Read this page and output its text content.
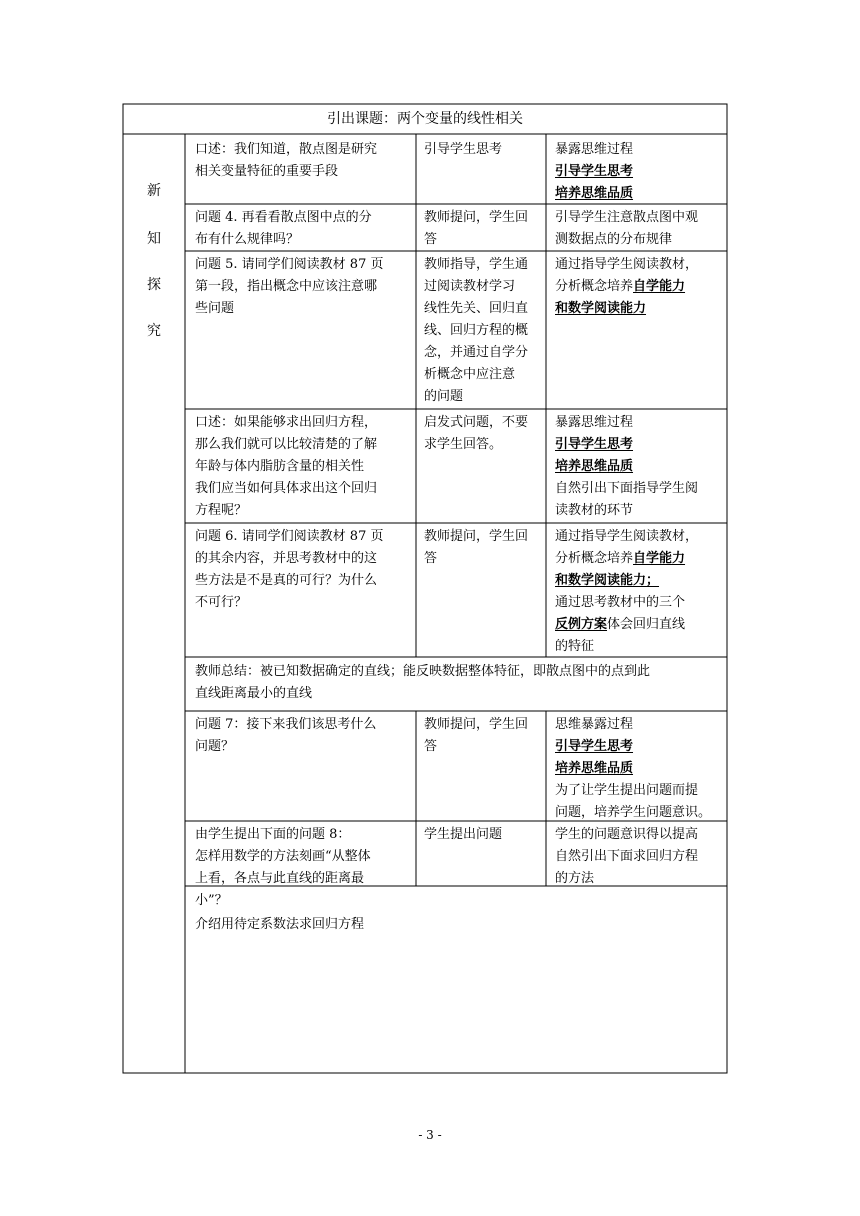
引出课题：两个变量的线性相关
新
知
探
究
口述：我们知道，散点图是研究
相关变量特征的重要手段
引导学生思考	暴露思维过程
引导学生思考
培养思维品质
问题 4. 再看看散点图中点的分
布有什么规律吗？
教师提问，学生回
答
引导学生注意散点图中观
测数据点的分布规律
问题 5. 请同学们阅读教材 87 页
第一段，指出概念中应该注意哪
些问题
教师指导，学生通
过阅读教材学习
线性先关、回归直
线、回归方程的概
念，并通过自学分
析概念中应注意
的问题
通过指导学生阅读教材，
分析概念培养自学能力
和数学阅读能力
口述：如果能够求出回归方程，
那么我们就可以比较清楚的了解
年龄与体内脂肪含量的相关性
我们应当如何具体求出这个回归
方程呢？
启发式问题，不要
求学生回答。
暴露思维过程
引导学生思考
培养思维品质
自然引出下面指导学生阅
读教材的环节
问题 6. 请同学们阅读教材 87 页
的其余内容，并思考教材中的这
些方法是不是真的可行？为什么
不可行？
教师提问，学生回
答
通过指导学生阅读教材，
分析概念培养自学能力
和数学阅读能力；
通过思考教材中的三个
反例方案体会回归直线
的特征
教师总结：被已知数据确定的直线；能反映数据整体特征，即散点图中的点到此
直线距离最小的直线
问题 7：接下来我们该思考什么
问题？
教师提问，学生回
答
思维暴露过程
引导学生思考
培养思维品质
为了让学生提出问题而提
问题，培养学生问题意识。
由学生提出下面的问题 8：
怎样用数学的方法刻画“从整体
上看，各点与此直线的距离最
小”？
学生提出问题	学生的问题意识得以提高
自然引出下面求回归方程
的方法
介绍用待定系数法求回归方程
- 3 -
